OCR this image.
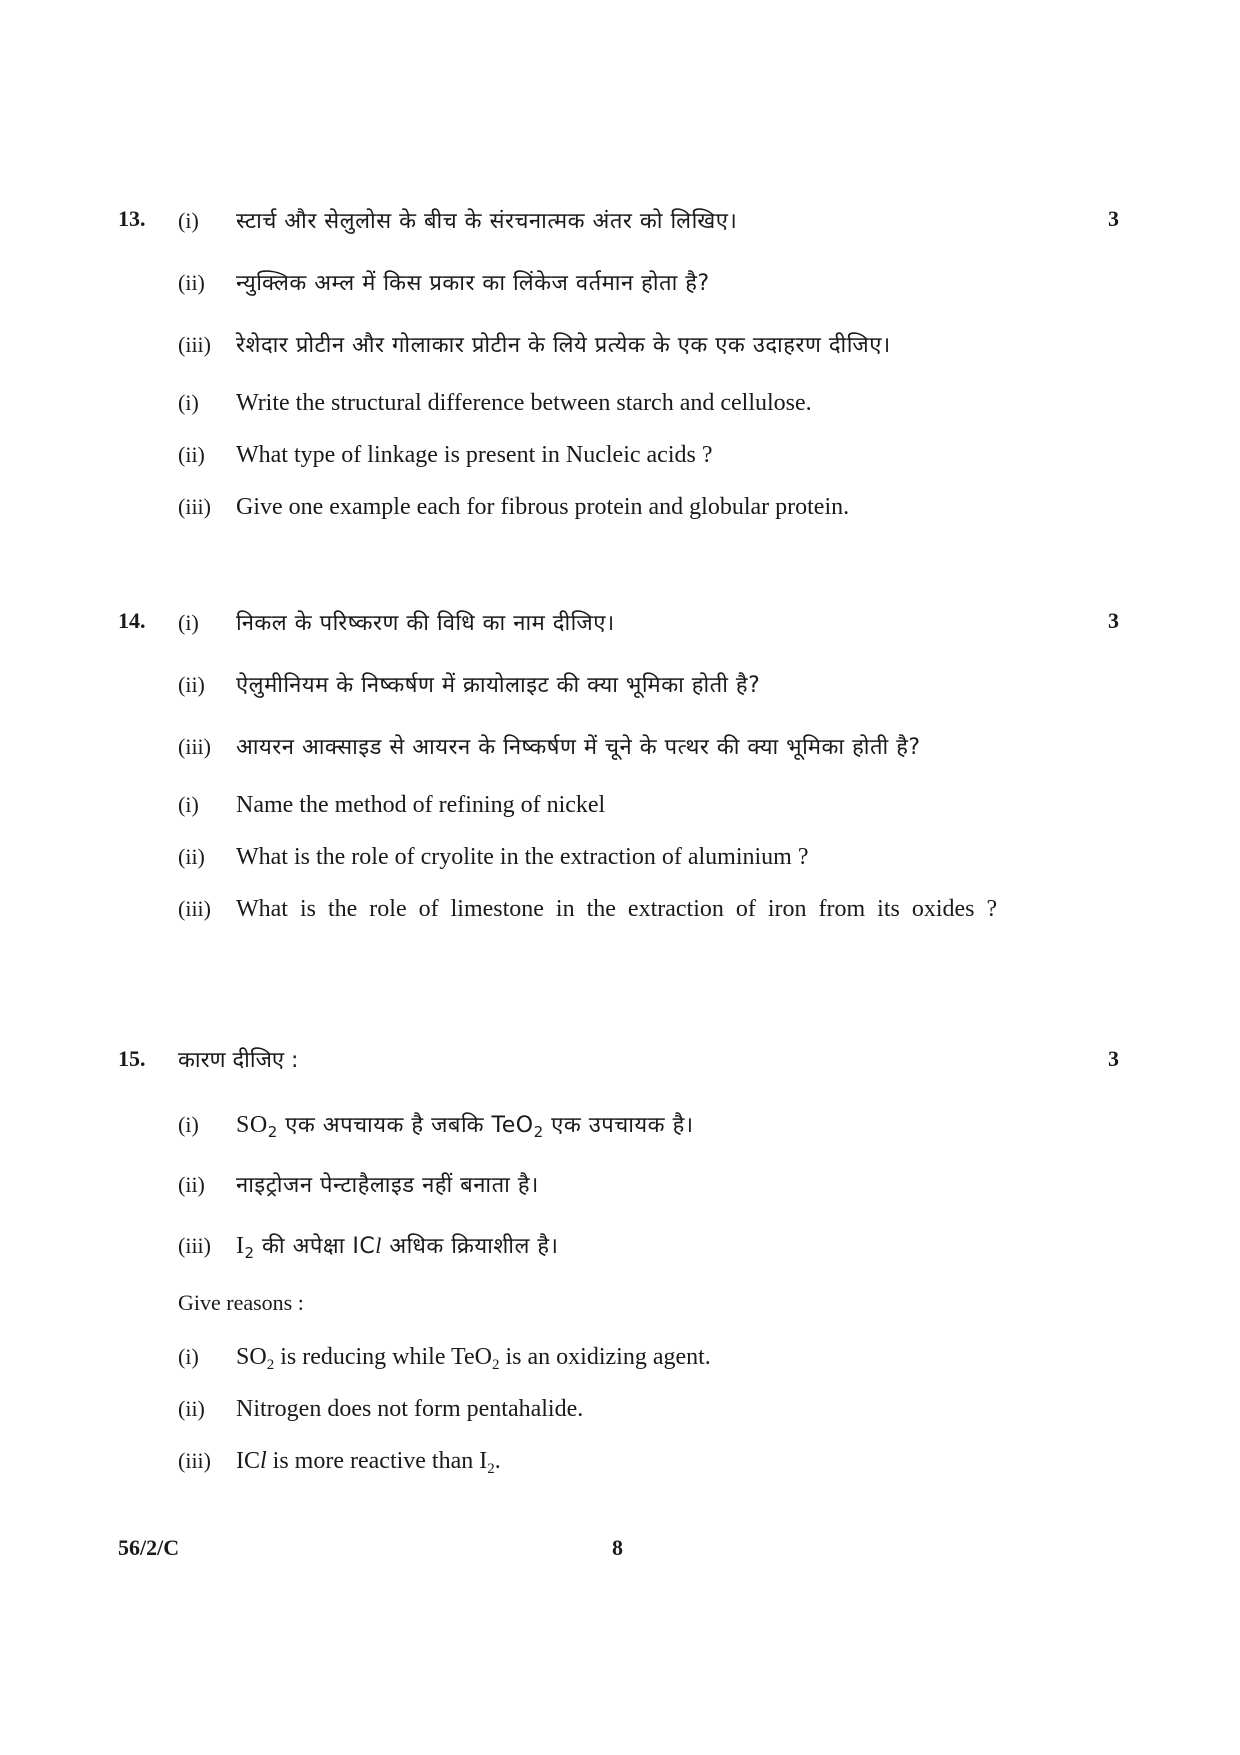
13.	3
(i)	स्टार्च और सेलुलोस के बीच के संरचनात्मक अंतर को लिखिए।
(ii)	न्युक्लिक अम्ल में किस प्रकार का लिंकेज वर्तमान होता है?
(iii)	रेशेदार प्रोटीन और गोलाकार प्रोटीन के लिये प्रत्येक के एक एक उदाहरण दीजिए।
(i)	Write the structural difference between starch and cellulose.
(ii)	What type of linkage is present in Nucleic acids ?
(iii)	Give one example each for fibrous protein and globular protein.
14.	3
(i)	निकल के परिष्करण की विधि का नाम दीजिए।
(ii)	ऐलुमीनियम के निष्कर्षण में क्रायोलाइट की क्या भूमिका होती है?
(iii)	आयरन आक्साइड से आयरन के निष्कर्षण में चूने के पत्थर की क्या भूमिका होती है?
(i)	Name the method of refining of nickel
(ii)	What is the role of cryolite in the extraction of aluminium ?
(iii)	What is the role of limestone in the extraction of iron from its oxides ?
15.	3
कारण दीजिए :
(i)	$SO_2$ एक अपचायक है जबकि TeO$_2$ एक उपचायक है।
(ii)	नाइट्रोजन पेन्टाहैलाइड नहीं बनाता है।
(iii)	$I_2$ की अपेक्षा ICl अधिक क्रियाशील है।
Give reasons :
(i)	$SO_2$ is reducing while TeO$_2$ is an oxidizing agent.
(ii)	Nitrogen does not form pentahalide.
(iii)	ICl is more reactive than $I_2$.
56/2/C	8
